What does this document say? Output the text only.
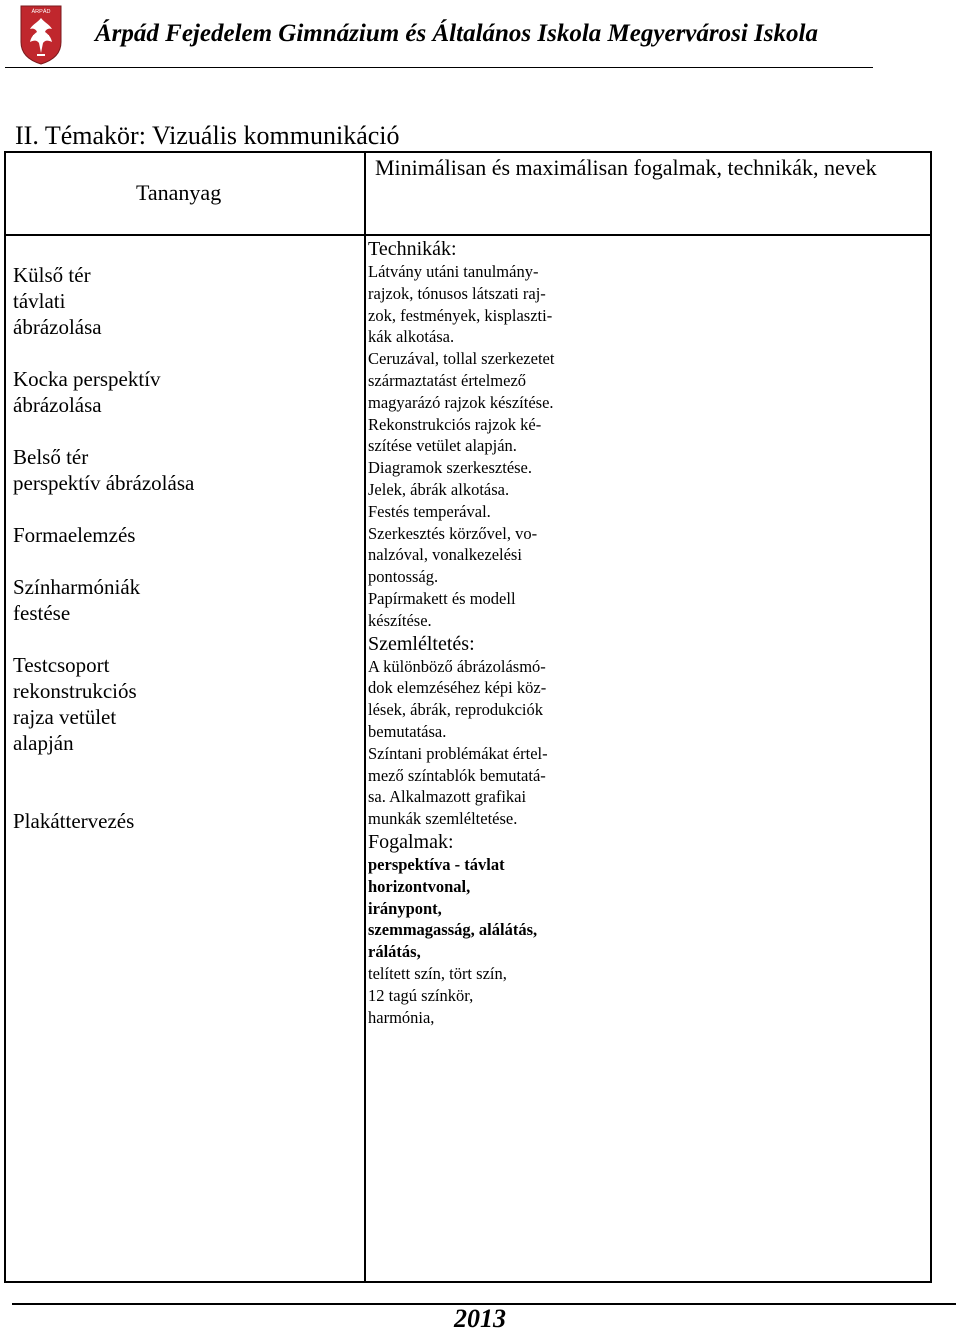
ÁRPÁD
Árpád Fejedelem Gimnázium és Általános Iskola Megyervárosi Iskola
II. Témakör: Vizuális kommunikáció
Tananyag
Minimálisan és maximálisan fogalmak, technikák, nevek
Külső tér
távlati
ábrázolása
Kocka perspektív
ábrázolása
Belső tér
perspektív ábrázolása
Formaelemzés
Színharmóniák
festése
Testcsoport
rekonstrukciós
rajza vetület
alapján
Plakáttervezés
Technikák:
Látvány utáni tanulmány-
rajzok, tónusos látszati raj-
zok, festmények, kisplaszti-
kák alkotása.
Ceruzával, tollal szerkezetet
származtatást értelmező
magyarázó rajzok készítése.
Rekonstrukciós rajzok ké-
szítése vetület alapján.
Diagramok szerkesztése.
Jelek, ábrák alkotása.
Festés temperával.
Szerkesztés körzővel, vo-
nalzóval, vonalkezelési
pontosság.
Papírmakett és modell
készítése.
Szemléltetés:
A különböző ábrázolásmó-
dok elemzéséhez képi köz-
lések, ábrák, reprodukciók
bemutatása.
Színtani problémákat értel-
mező színtablók bemutatá-
sa. Alkalmazott grafikai
munkák szemléltetése.
Fogalmak:
perspektíva - távlat
horizontvonal,
iránypont,
szemmagasság, alálátás,
rálátás,
telített szín, tört szín,
12 tagú színkör,
harmónia,
2013
